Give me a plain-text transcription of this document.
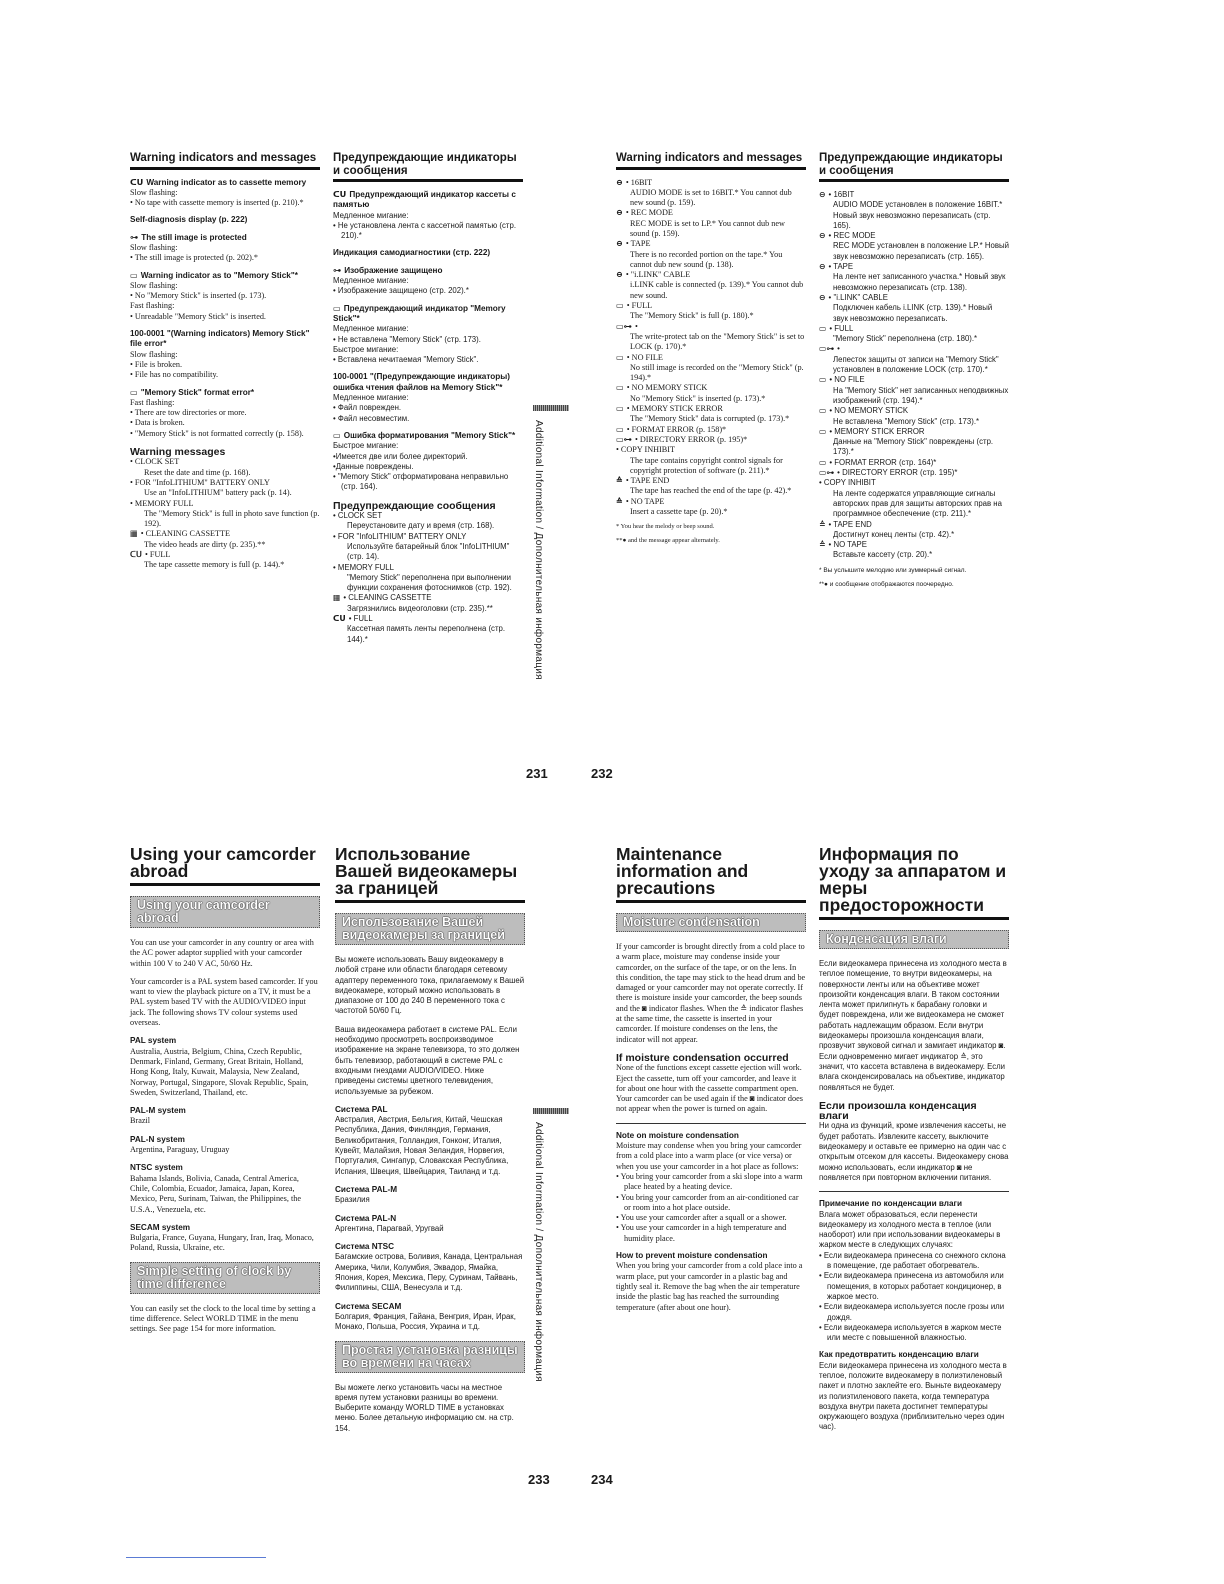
Warning indicators and messages
ᑕᑌ Warning indicator as to cassette memory
Slow flashing:
• No tape with cassette memory is inserted (p. 210).*
Self-diagnosis display (p. 222)
⊶ The still image is protected
Slow flashing:
• The still image is protected (p. 202).*
▭ Warning indicator as to "Memory Stick"*
Slow flashing:
• No "Memory Stick" is inserted (p. 173).
Fast flashing:
• Unreadable "Memory Stick" is inserted.
100-0001 "(Warning indicators) Memory Stick" file error*
Slow flashing:
• File is broken.
• File has no compatibility.
▭ "Memory Stick" format error*
Fast flashing:
• There are tow directories or more.
• Data is broken.
• "Memory Stick" is not formatted correctly (p. 158).
Warning messages
• CLOCK SET
Reset the date and time (p. 168).
• FOR "InfoLITHIUM" BATTERY ONLY
Use an "InfoLITHIUM" battery pack (p. 14).
• MEMORY FULL
The "Memory Stick" is full in photo save function (p. 192).
▦ • CLEANING CASSETTE
The video heads are dirty (p. 235).**
ᑕᑌ • FULL
The tape cassette memory is full (p. 144).*
Предупреждающие индикаторы и сообщения
ᑕᑌ Предупреждающий индикатор кассеты с памятью
Медленное мигание:
• Не установлена лента с кассетной памятью (стр. 210).*
Индикация самодиагностики (стр. 222)
⊶ Изображение защищено
Медленное мигание:
• Изображение защищено (стр. 202).*
▭ Предупреждающий индикатор "Memory Stick"*
Медленное мигание:
• Не вставлена "Memory Stick" (стр. 173).
Быстрое мигание:
• Вставлена нечитаемая "Memory Stick".
100-0001 "(Предупреждающие индикаторы) ошибка чтения файлов на Memory Stick"*
Медленное мигание:
• Файл поврежден.
• Файл несовместим.
▭ Ошибка форматирования "Memory Stick"*
Быстрое мигание:
•Имеется две или более директорий.
•Данные повреждены.
• "Memory Stick" отформатирована неправильно (стр. 164).
Предупреждающие сообщения
• CLOCK SET
Переустановите дату и время (стр. 168).
• FOR "InfoLITHIUM" BATTERY ONLY
Используйте батарейный блок "InfoLITHIUM" (стр. 14).
• MEMORY FULL
"Memory Stick" переполнена при выполнении функции сохранения фотоснимков (стр. 192).
▦ • CLEANING CASSETTE
Загрязнились видеоголовки (стр. 235).**
ᑕᑌ • FULL
Кассетная память ленты переполнена (стр. 144).*	Additional Information / Дополнительная информация
Warning indicators and messages
⊖ • 16BIT
AUDIO MODE is set to 16BIT.* You cannot dub new sound (p. 159).
⊖ • REC MODE
REC MODE is set to LP.* You cannot dub new sound (p. 159).
⊖ • TAPE
There is no recorded portion on the tape.* You cannot dub new sound (p. 138).
⊖ • "i.LINK" CABLE
i.LINK cable is connected (p. 139).* You cannot dub new sound.
▭ • FULL
The "Memory Stick" is full (p. 180).*
▭⊶ •
The write-protect tab on the "Memory Stick" is set to LOCK (p. 170).*
▭ • NO FILE
No still image is recorded on the "Memory Stick" (p. 194).*
▭ • NO MEMORY STICK
No "Memory Stick" is inserted (p. 173).*
▭ • MEMORY STICK ERROR
The "Memory Stick" data is corrupted (p. 173).*
▭ • FORMAT ERROR (p. 158)*
▭⊶ • DIRECTORY ERROR (p. 195)*
• COPY INHIBIT
The tape contains copyright control signals for copyright protection of software (p. 211).*
≙ • TAPE END
The tape has reached the end of the tape (p. 42).*
≙ • NO TAPE
Insert a cassette tape (p. 20).*
* You hear the melody or beep sound.
**● and the message appear alternately.
Предупреждающие индикаторы и сообщения
⊖ • 16BIT
AUDIO MODE установлен в положение 16BIT.* Новый звук невозможно перезаписать (стр. 165).
⊖ • REC MODE
REC MODE установлен в положение LP.* Новый звук невозможно перезаписать (стр. 165).
⊖ • TAPE
На ленте нет записанного участка.* Новый звук невозможно перезаписать (стр. 138).
⊖ • "i.LINK" CABLE
Подключен кабель i.LINK (стр. 139).* Новый звук невозможно перезаписать.
▭ • FULL
"Memory Stick" переполнена (стр. 180).*
▭⊶ •
Лепесток защиты от записи на "Memory Stick" установлен в положение LOCK (стр. 170).*
▭ • NO FILE
На "Memory Stick" нет записанных неподвижных изображений (стр. 194).*
▭ • NO MEMORY STICK
Не вставлена "Memory Stick" (стр. 173).*
▭ • MEMORY STICK ERROR
Данные на "Memory Stick" повреждены (стр. 173).*
▭ • FORMAT ERROR (стр. 164)*
▭⊶ • DIRECTORY ERROR (стр. 195)*
• COPY INHIBIT
На ленте содержатся управляющие сигналы авторских прав для защиты авторских прав на программное обеспечение (стр. 211).*
≙ • TAPE END
Достигнут конец ленты (стр. 42).*
≙ • NO TAPE
Вставьте кассету (стр. 20).*
* Вы услышите мелодию или зуммерный сигнал.
**● и сообщение отображаются поочередно.
231	232
Using your camcorder abroad
Using your camcorder abroad
You can use your camcorder in any country or area with the AC power adaptor supplied with your camcorder within 100 V to 240 V AC, 50/60 Hz.
Your camcorder is a PAL system based camcorder. If you want to view the playback picture on a TV, it must be a PAL system based TV with the AUDIO/VIDEO input jack. The following shows TV colour systems used overseas.
PAL system
Australia, Austria, Belgium, China, Czech Republic, Denmark, Finland, Germany, Great Britain, Holland, Hong Kong, Italy, Kuwait, Malaysia, New Zealand, Norway, Portugal, Singapore, Slovak Republic, Spain, Sweden, Switzerland, Thailand, etc.
PAL-M system
Brazil
PAL-N system
Argentina, Paraguay, Uruguay
NTSC system
Bahama Islands, Bolivia, Canada, Central America, Chile, Colombia, Ecuador, Jamaica, Japan, Korea, Mexico, Peru, Surinam, Taiwan, the Philippines, the U.S.A., Venezuela, etc.
SECAM system
Bulgaria, France, Guyana, Hungary, Iran, Iraq, Monaco, Poland, Russia, Ukraine, etc.
Simple setting of clock by time difference
You can easily set the clock to the local time by setting a time difference. Select WORLD TIME in the menu settings. See page 154 for more information.
Использование Вашей видеокамеры за границей
Использование Вашей видеокамеры за границей
Вы можете использовать Вашу видеокамеру в любой стране или области благодаря сетевому адаптеру переменного тока, прилагаемому к Вашей видеокамере, который можно использовать в диапазоне от 100 до 240 В переменного тока с частотой 50/60 Гц.
Ваша видеокамера работает в системе PAL. Если необходимо просмотреть воспроизводимое изображение на экране телевизора, то это должен быть телевизор, работающий в системе PAL с входными гнездами AUDIO/VIDEO. Ниже приведены системы цветного телевидения, используемые за рубежом.
Система PAL
Австралия, Австрия, Бельгия, Китай, Чешская Республика, Дания, Финляндия, Германия, Великобритания, Голландия, Гонконг, Италия, Кувейт, Малайзия, Новая Зеландия, Норвегия, Португалия, Сингапур, Словакская Республика, Испания, Швеция, Швейцария, Таиланд и т.д.
Система PAL-M
Бразилия
Система PAL-N
Аргентина, Парагвай, Уругвай
Система NTSC
Багамские острова, Боливия, Канада, Центральная Америка, Чили, Колумбия, Эквадор, Ямайка, Япония, Корея, Мексика, Перу, Суринам, Тайвань, Филиппины, США, Венесуэла и т.д.
Система SECAM
Болгария, Франция, Гайана, Венгрия, Иран, Ирак, Монако, Польша, Россия, Украина и т.д.
Простая установка разницы во времени на часах
Вы можете легко установить часы на местное время путем установки разницы во времени. Выберите команду WORLD TIME в установках меню. Более детальную информацию см. на стр. 154.
Additional Information / Дополнительная информация
Maintenance information and precautions
Moisture condensation
If your camcorder is brought directly from a cold place to a warm place, moisture may condense inside your camcorder, on the surface of the tape, or on the lens. In this condition, the tape may stick to the head drum and be damaged or your camcorder may not operate correctly. If there is moisture inside your camcorder, the beep sounds and the ◙ indicator flashes. When the ≙ indicator flashes at the same time, the cassette is inserted in your camcorder. If moisture condenses on the lens, the indicator will not appear.
If moisture condensation occurred
None of the functions except cassette ejection will work. Eject the cassette, turn off your camcorder, and leave it for about one hour with the cassette compartment open. Your camcorder can be used again if the ◙ indicator does not appear when the power is turned on again.
Note on moisture condensation
Moisture may condense when you bring your camcorder from a cold place into a warm place (or vice versa) or when you use your camcorder in a hot place as follows:
• You bring your camcorder from a ski slope into a warm place heated by a heating device.
• You bring your camcorder from an air-conditioned car or room into a hot place outside.
• You use your camcorder after a squall or a shower.
• You use your camcorder in a high temperature and humidity place.
How to prevent moisture condensation
When you bring your camcorder from a cold place into a warm place, put your camcorder in a plastic bag and tightly seal it. Remove the bag when the air temperature inside the plastic bag has reached the surrounding temperature (after about one hour).
Информация по уходу за аппаратом и меры предосторожности
Конденсация влаги
Если видеокамера принесена из холодного места в теплое помещение, то внутри видеокамеры, на поверхности ленты или на объективе может произойти конденсация влаги. В таком состоянии лента может прилипнуть к барабану головки и будет повреждена, или же видеокамера не сможет работать надлежащим образом. Если внутри видеокамеры произошла конденсация влаги, прозвучит звуковой сигнал и замигает индикатор ◙. Если одновременно мигает индикатор ≙, это значит, что кассета вставлена в видеокамеру. Если влага сконденсировалась на объективе, индикатор появляться не будет.
Если произошла конденсация влаги
Ни одна из функций, кроме извлечения кассеты, не будет работать. Извлеките кассету, выключите видеокамеру и оставьте ее примерно на один час с открытым отсеком для кассеты. Видеокамеру снова можно использовать, если индикатор ◙ не появляется при повторном включении питания.
Примечание по конденсации влаги
Влага может образоваться, если перенести видеокамеру из холодного места в теплое (или наоборот) или при использовании видеокамеры в жарком месте в следующих случаях:
• Если видеокамера принесена со снежного склона в помещение, где работает обогреватель.
• Если видеокамера принесена из автомобиля или помещения, в которых работает кондиционер, в жаркое место.
• Если видеокамера используется после грозы или дождя.
• Если видеокамера используется в жарком месте или месте с повышенной влажностью.
Как предотвратить конденсацию влаги
Если видеокамера принесена из холодного места в теплое, положите видеокамеру в полиэтиленовый пакет и плотно заклейте его. Выньте видеокамеру из полиэтиленового пакета, когда температура воздуха внутри пакета достигнет температуры окружающего воздуха (приблизительно через один час).
233	234
